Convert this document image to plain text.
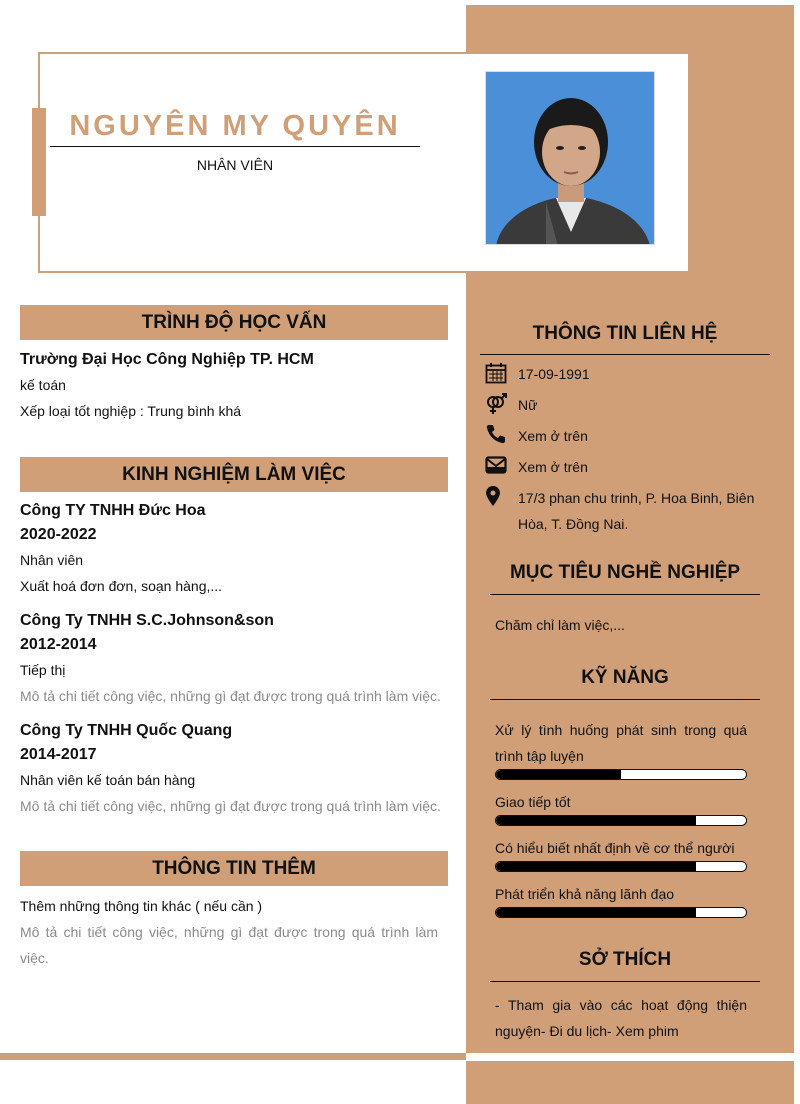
NGUYÊN MY QUYÊN
NHÂN VIÊN
TRÌNH ĐỘ HỌC VẤN
Trường Đại Học Công Nghiệp TP. HCM
kế toán
Xếp loại tốt nghiệp : Trung bình khá
KINH NGHIỆM LÀM VIỆC
Công TY TNHH Đức Hoa
2020-2022
Nhân viên
Xuất hoá đơn đơn, soạn hàng,...
Công Ty TNHH S.C.Johnson&son
2012-2014
Tiếp thị
Mô tả chi tiết công việc, những gì đạt được trong quá trình làm việc.
Công Ty TNHH Quốc Quang
2014-2017
Nhân viên kế toán bán hàng
Mô tả chi tiết công việc, những gì đạt được trong quá trình làm việc.
THÔNG TIN THÊM
Thêm những thông tin khác ( nếu cần )
Mô tả chi tiết công việc, những gì đạt được trong quá trình làm việc.
THÔNG TIN LIÊN HỆ
17-09-1991
Nữ
Xem ở trên
Xem ở trên
17/3 phan chu trinh, P. Hoa Binh, Biên Hòa, T. Đồng Nai.
MỤC TIÊU NGHỀ NGHIỆP
Chăm chỉ làm việc,...
KỸ NĂNG
Xử lý tình huống phát sinh trong quá trình tập luyện
Giao tiếp tốt
Có hiểu biết nhất định về cơ thể người
Phát triển khả năng lãnh đạo
SỞ THÍCH
- Tham gia vào các hoạt động thiện nguyện- Đi du lịch- Xem phim
